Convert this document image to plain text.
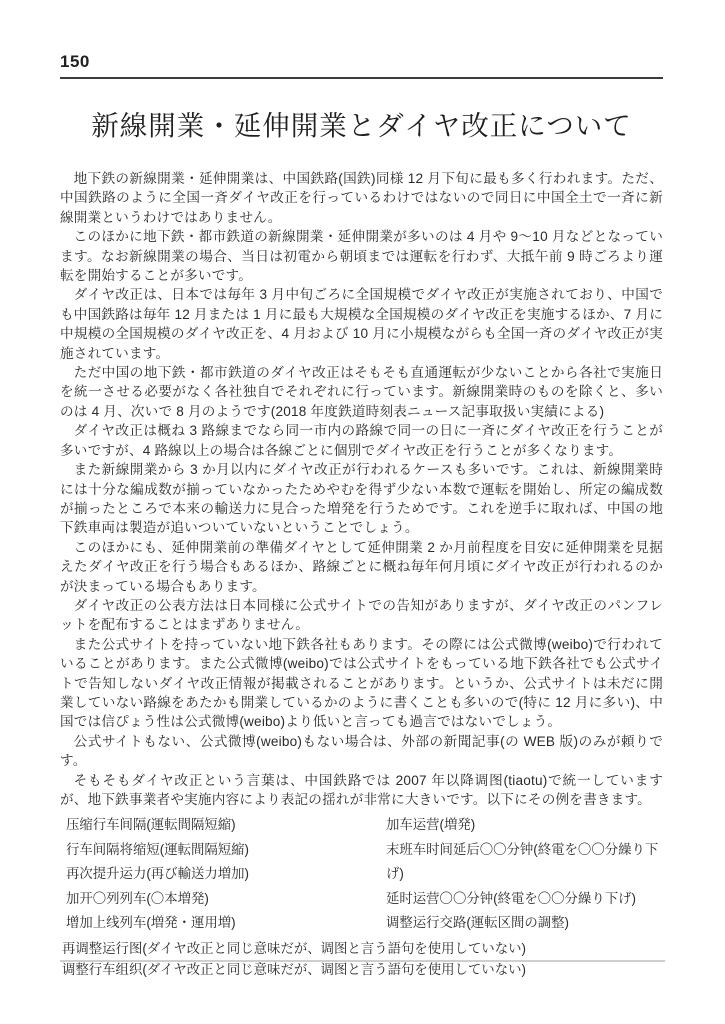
150
新線開業・延伸開業とダイヤ改正について

地下鉄の新線開業・延伸開業は、中国鉄路(国鉄)同様 12 月下旬に最も多く行われます。ただ、中国鉄路のように全国一斉ダイヤ改正を行っているわけではないので同日に中国全土で一斉に新線開業というわけではありません。

このほかに地下鉄・都市鉄道の新線開業・延伸開業が多いのは 4 月や 9〜10 月などとなっています。なお新線開業の場合、当日は初電から朝頃までは運転を行わず、大抵午前 9 時ごろより運転を開始することが多いです。

ダイヤ改正は、日本では毎年 3 月中旬ごろに全国規模でダイヤ改正が実施されており、中国でも中国鉄路は毎年 12 月または 1 月に最も大規模な全国規模のダイヤ改正を実施するほか、7 月に中規模の全国規模のダイヤ改正を、4 月および 10 月に小規模ながらも全国一斉のダイヤ改正が実施されています。

ただ中国の地下鉄・都市鉄道のダイヤ改正はそもそも直通運転が少ないことから各社で実施日を統一させる必要がなく各社独自でそれぞれに行っています。新線開業時のものを除くと、多いのは 4 月、次いで 8 月のようです(2018 年度鉄道時刻表ニュース記事取扱い実績による)

ダイヤ改正は概ね 3 路線までなら同一市内の路線で同一の日に一斉にダイヤ改正を行うことが多いですが、4 路線以上の場合は各線ごとに個別でダイヤ改正を行うことが多くなります。

また新線開業から 3 か月以内にダイヤ改正が行われるケースも多いです。これは、新線開業時には十分な編成数が揃っていなかったためやむを得ず少ない本数で運転を開始し、所定の編成数が揃ったところで本来の輸送力に見合った増発を行うためです。これを逆手に取れば、中国の地下鉄車両は製造が追いついていないということでしょう。

このほかにも、延伸開業前の準備ダイヤとして延伸開業 2 か月前程度を目安に延伸開業を見据えたダイヤ改正を行う場合もあるほか、路線ごとに概ね毎年何月頃にダイヤ改正が行われるのかが決まっている場合もあります。

ダイヤ改正の公表方法は日本同様に公式サイトでの告知がありますが、ダイヤ改正のパンフレットを配布することはまずありません。

また公式サイトを持っていない地下鉄各社もあります。その際には公式微博(weibo)で行われていることがあります。また公式微博(weibo)では公式サイトをもっている地下鉄各社でも公式サイトで告知しないダイヤ改正情報が掲載されることがあります。というか、公式サイトは未だに開業していない路線をあたかも開業しているかのように書くことも多いので(特に 12 月に多い)、中国では信ぴょう性は公式微博(weibo)より低いと言っても過言ではないでしょう。

公式サイトもない、公式微博(weibo)もない場合は、外部の新聞記事(の WEB 版)のみが頼りです。

そもそもダイヤ改正という言葉は、中国鉄路では 2007 年以降调图(tiaotu)で統一していますが、地下鉄事業者や実施内容により表記の揺れが非常に大きいです。以下にその例を書きます。

压缩行车间隔(運転間隔短縮)
行车间隔将缩短(運転間隔短縮)
再次提升运力(再び輸送力増加)
加开〇列列车(〇本増発)
增加上线列车(増発・運用増)
加车运营(増発)
末班车时间延后〇〇分钟(終電を〇〇分繰り下げ)
延时运营〇〇分钟(終電を〇〇分繰り下げ)
调整运行交路(運転区間の調整)
再调整运行图(ダイヤ改正と同じ意味だが、调图と言う語句を使用していない)
调整行车组织(ダイヤ改正と同じ意味だが、调图と言う語句を使用していない)
